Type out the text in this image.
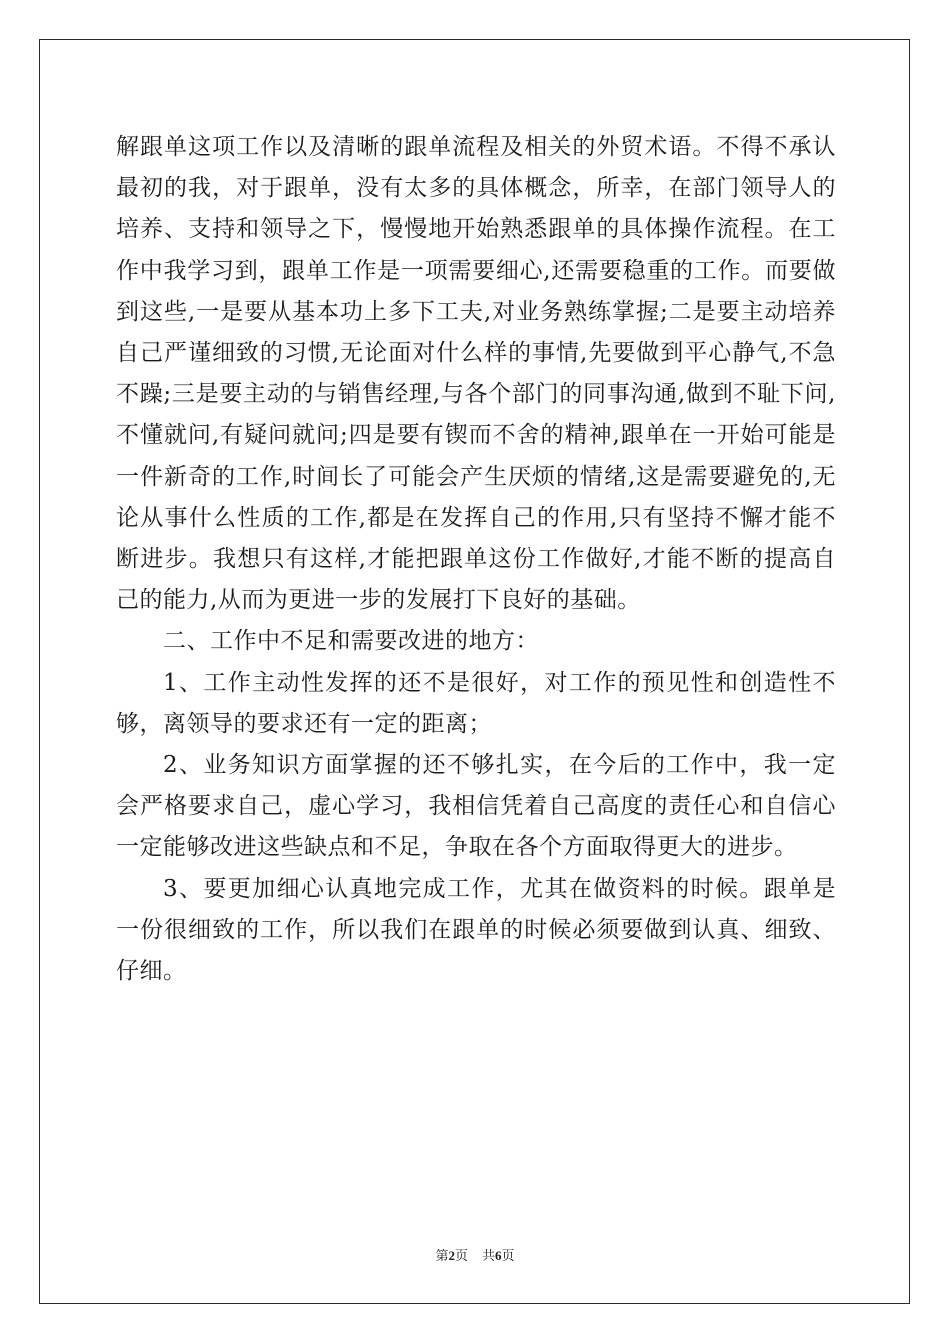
解跟单这项工作以及清晰的跟单流程及相关的外贸术语。不得不承认最初的我，对于跟单，没有太多的具体概念，所幸，在部门领导人的培养、支持和领导之下，慢慢地开始熟悉跟单的具体操作流程。在工作中我学习到，跟单工作是一项需要细心,还需要稳重的工作。而要做到这些,一是要从基本功上多下工夫,对业务熟练掌握;二是要主动培养自己严谨细致的习惯,无论面对什么样的事情,先要做到平心静气,不急不躁;三是要主动的与销售经理,与各个部门的同事沟通,做到不耻下问,不懂就问,有疑问就问;四是要有锲而不舍的精神,跟单在一开始可能是一件新奇的工作,时间长了可能会产生厌烦的情绪,这是需要避免的,无论从事什么性质的工作,都是在发挥自己的作用,只有坚持不懈才能不断进步。我想只有这样,才能把跟单这份工作做好,才能不断的提高自己的能力,从而为更进一步的发展打下良好的基础。

二、工作中不足和需要改进的地方：

1、工作主动性发挥的还不是很好，对工作的预见性和创造性不够，离领导的要求还有一定的距离；

2、业务知识方面掌握的还不够扎实，在今后的工作中，我一定会严格要求自己，虚心学习，我相信凭着自己高度的责任心和自信心一定能够改进这些缺点和不足，争取在各个方面取得更大的进步。

3、要更加细心认真地完成工作，尤其在做资料的时候。跟单是一份很细致的工作，所以我们在跟单的时候必须要做到认真、细致、仔细。

第2页 共6页
